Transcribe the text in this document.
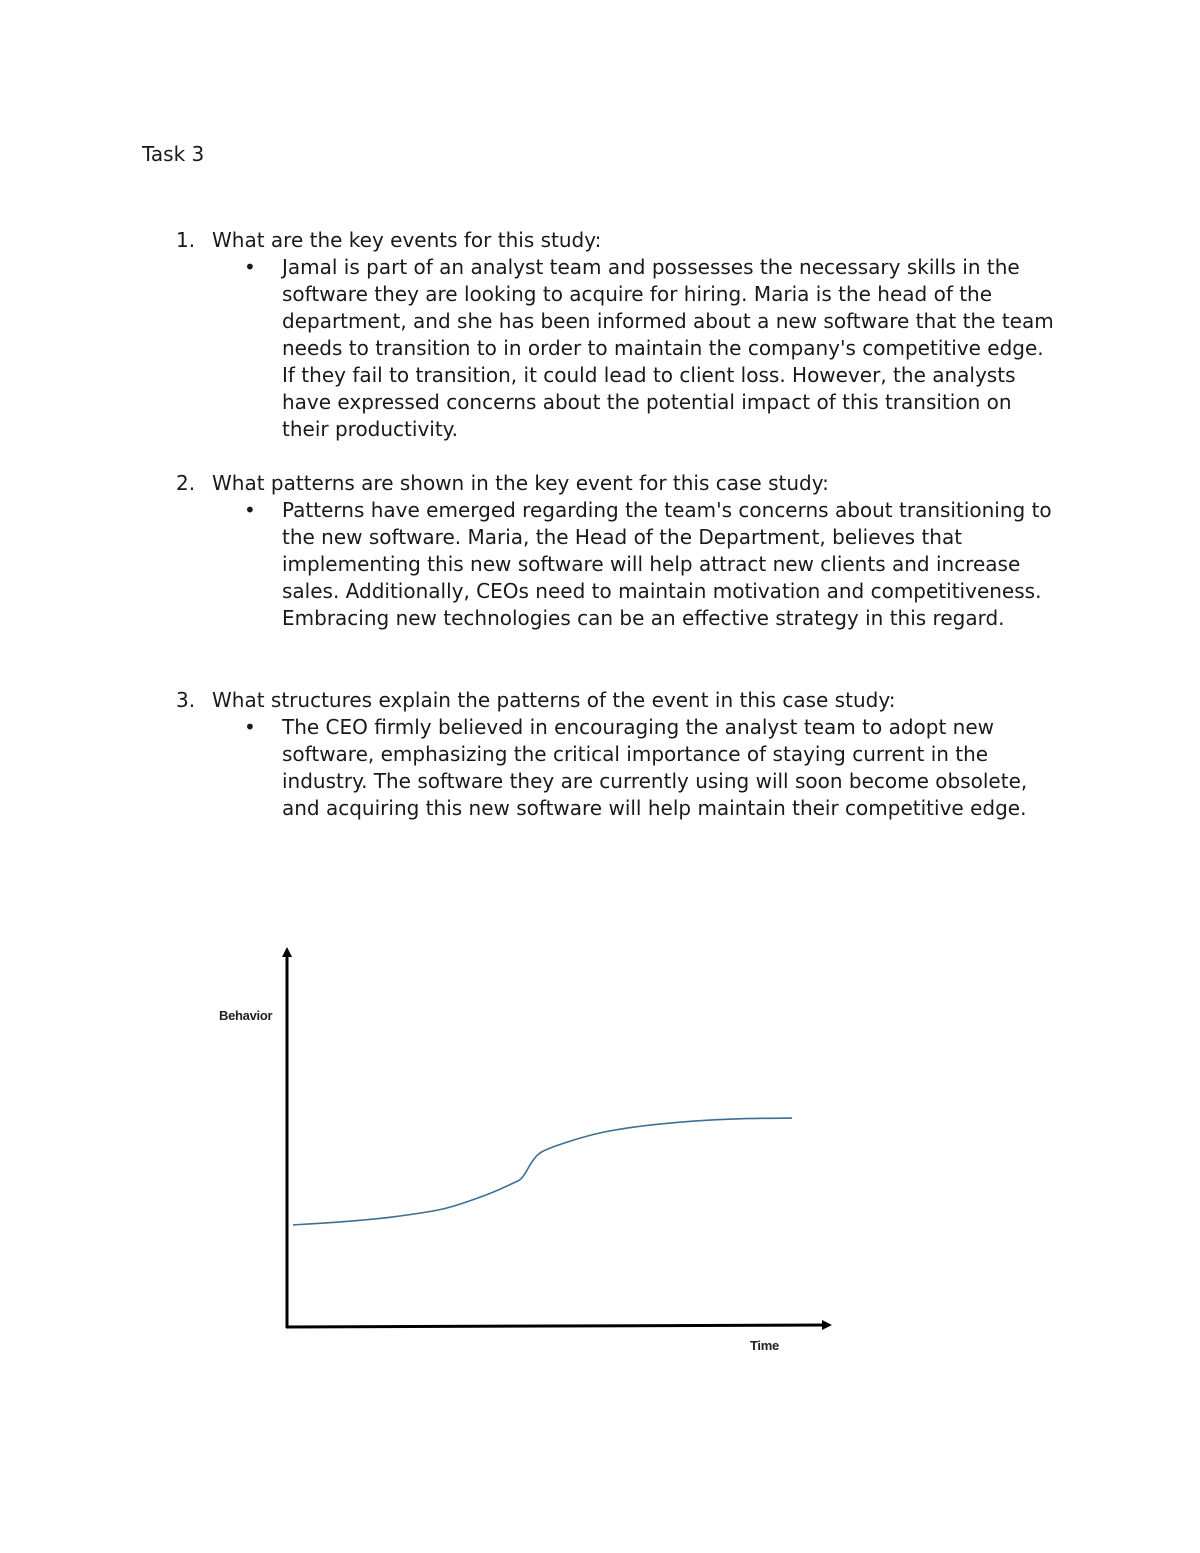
Task 3
1. What are the key events for this study:
• Jamal is part of an analyst team and possesses the necessary skills in the software they are looking to acquire for hiring. Maria is the head of the department, and she has been informed about a new software that the team needs to transition to in order to maintain the company's competitive edge. If they fail to transition, it could lead to client loss. However, the analysts have expressed concerns about the potential impact of this transition on their productivity.
2. What patterns are shown in the key event for this case study:
• Patterns have emerged regarding the team's concerns about transitioning to the new software. Maria, the Head of the Department, believes that implementing this new software will help attract new clients and increase sales. Additionally, CEOs need to maintain motivation and competitiveness. Embracing new technologies can be an effective strategy in this regard.
3. What structures explain the patterns of the event in this case study:
• The CEO firmly believed in encouraging the analyst team to adopt new software, emphasizing the critical importance of staying current in the industry. The software they are currently using will soon become obsolete, and acquiring this new software will help maintain their competitive edge.
Behavior
Time
